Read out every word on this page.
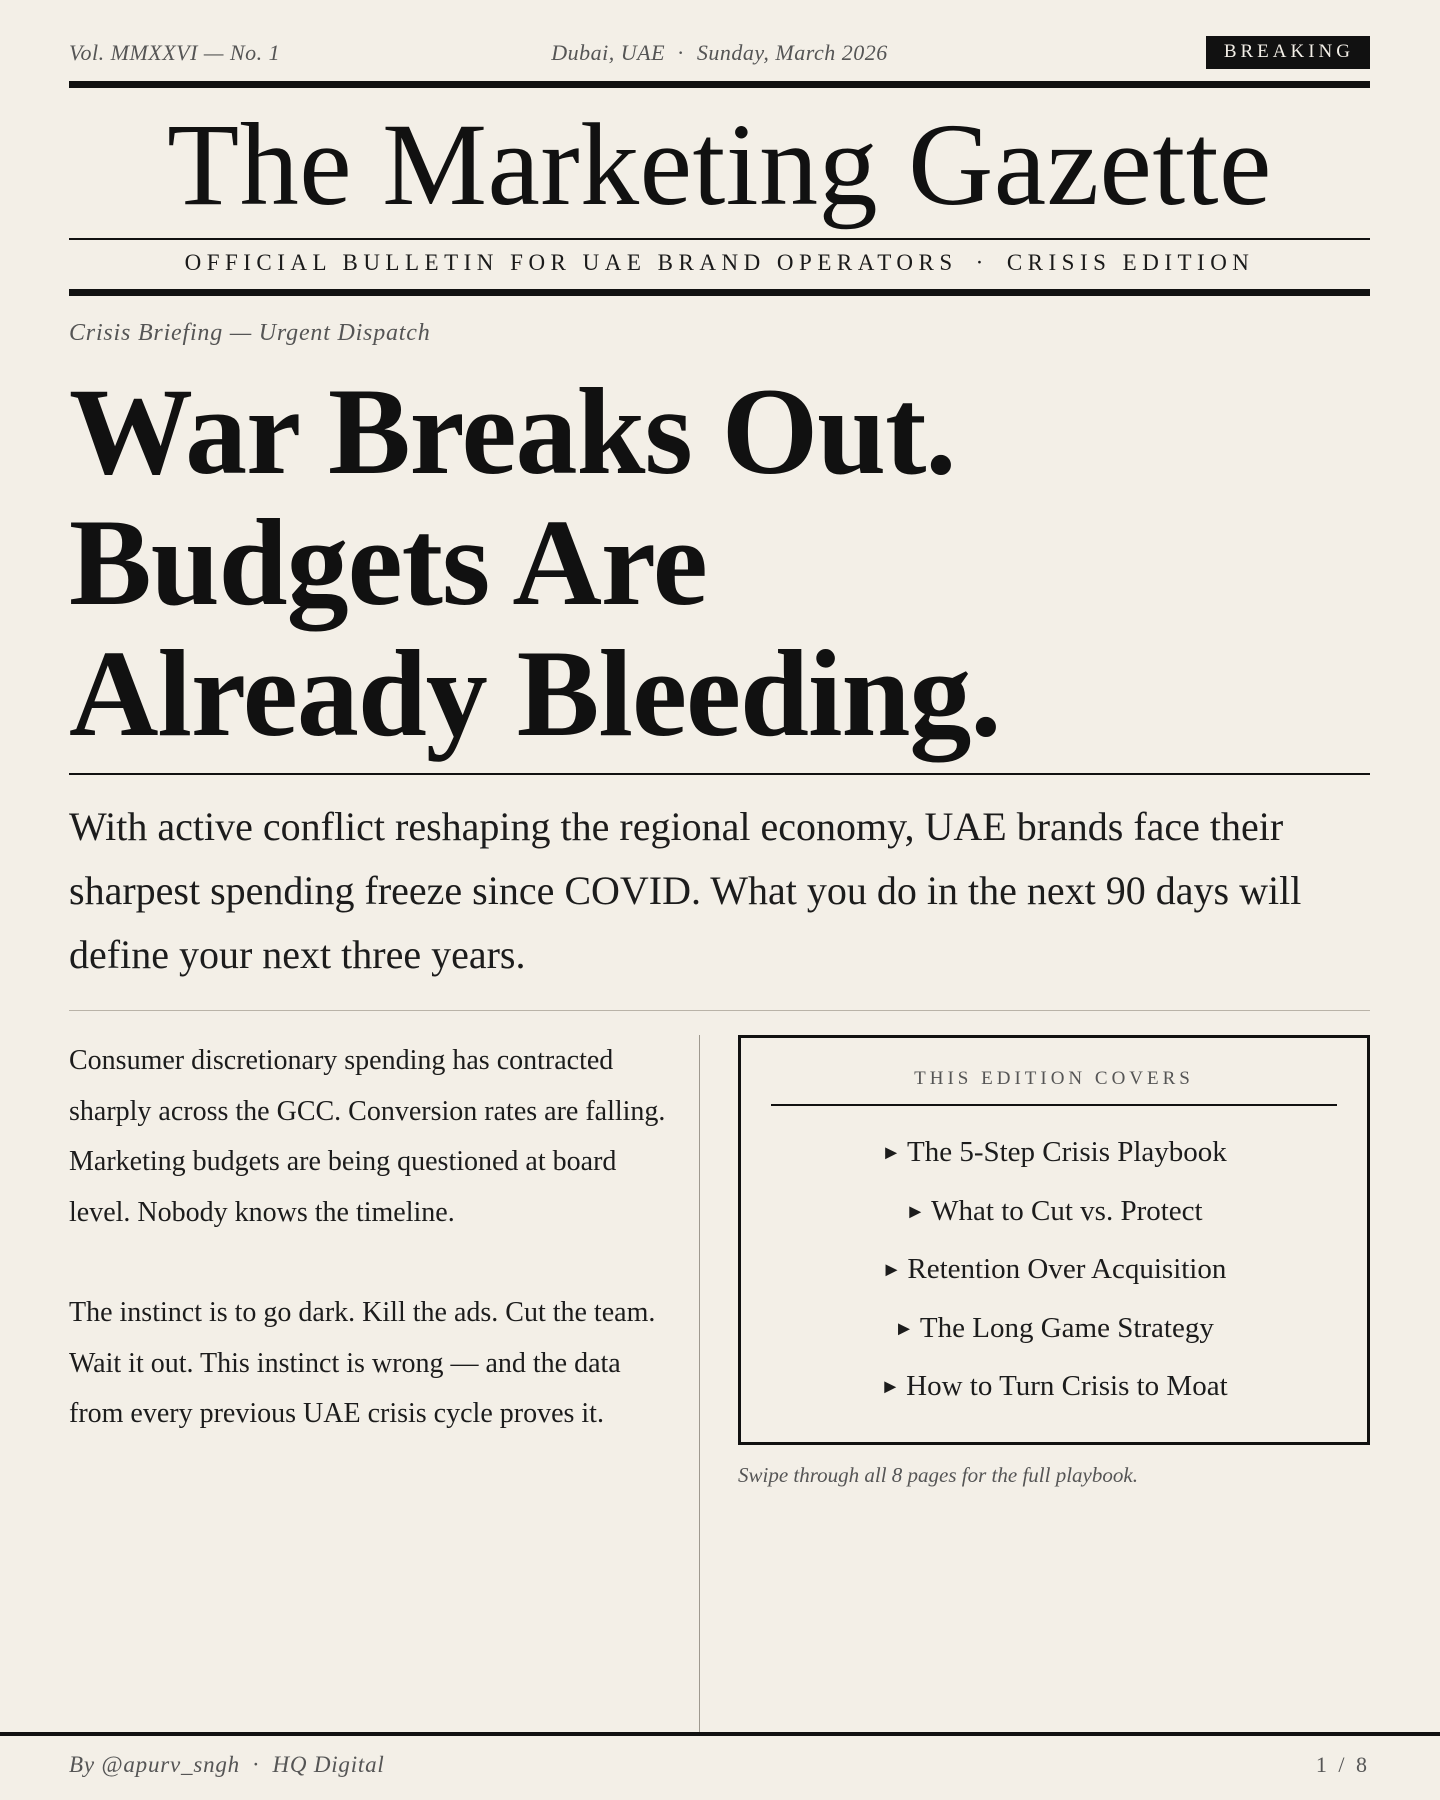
Vol. MMXXVI — No. 1	Dubai, UAE · Sunday, March 2026	BREAKING
The Marketing Gazette
OFFICIAL BULLETIN FOR UAE BRAND OPERATORS · CRISIS EDITION
Crisis Briefing — Urgent Dispatch
War Breaks Out.
Budgets Are
Already Bleeding.
With active conflict reshaping the regional economy, UAE brands face their sharpest spending freeze since COVID. What you do in the next 90 days will define your next three years.

Consumer discretionary spending has contracted sharply across the GCC. Conversion rates are falling. Marketing budgets are being questioned at board level. Nobody knows the timeline.

The instinct is to go dark. Kill the ads. Cut the team. Wait it out. This instinct is wrong — and the data from every previous UAE crisis cycle proves it.

THIS EDITION COVERS
► The 5-Step Crisis Playbook
► What to Cut vs. Protect
► Retention Over Acquisition
► The Long Game Strategy
► How to Turn Crisis to Moat
Swipe through all 8 pages for the full playbook.
By @apurv_sngh · HQ Digital	1 / 8
